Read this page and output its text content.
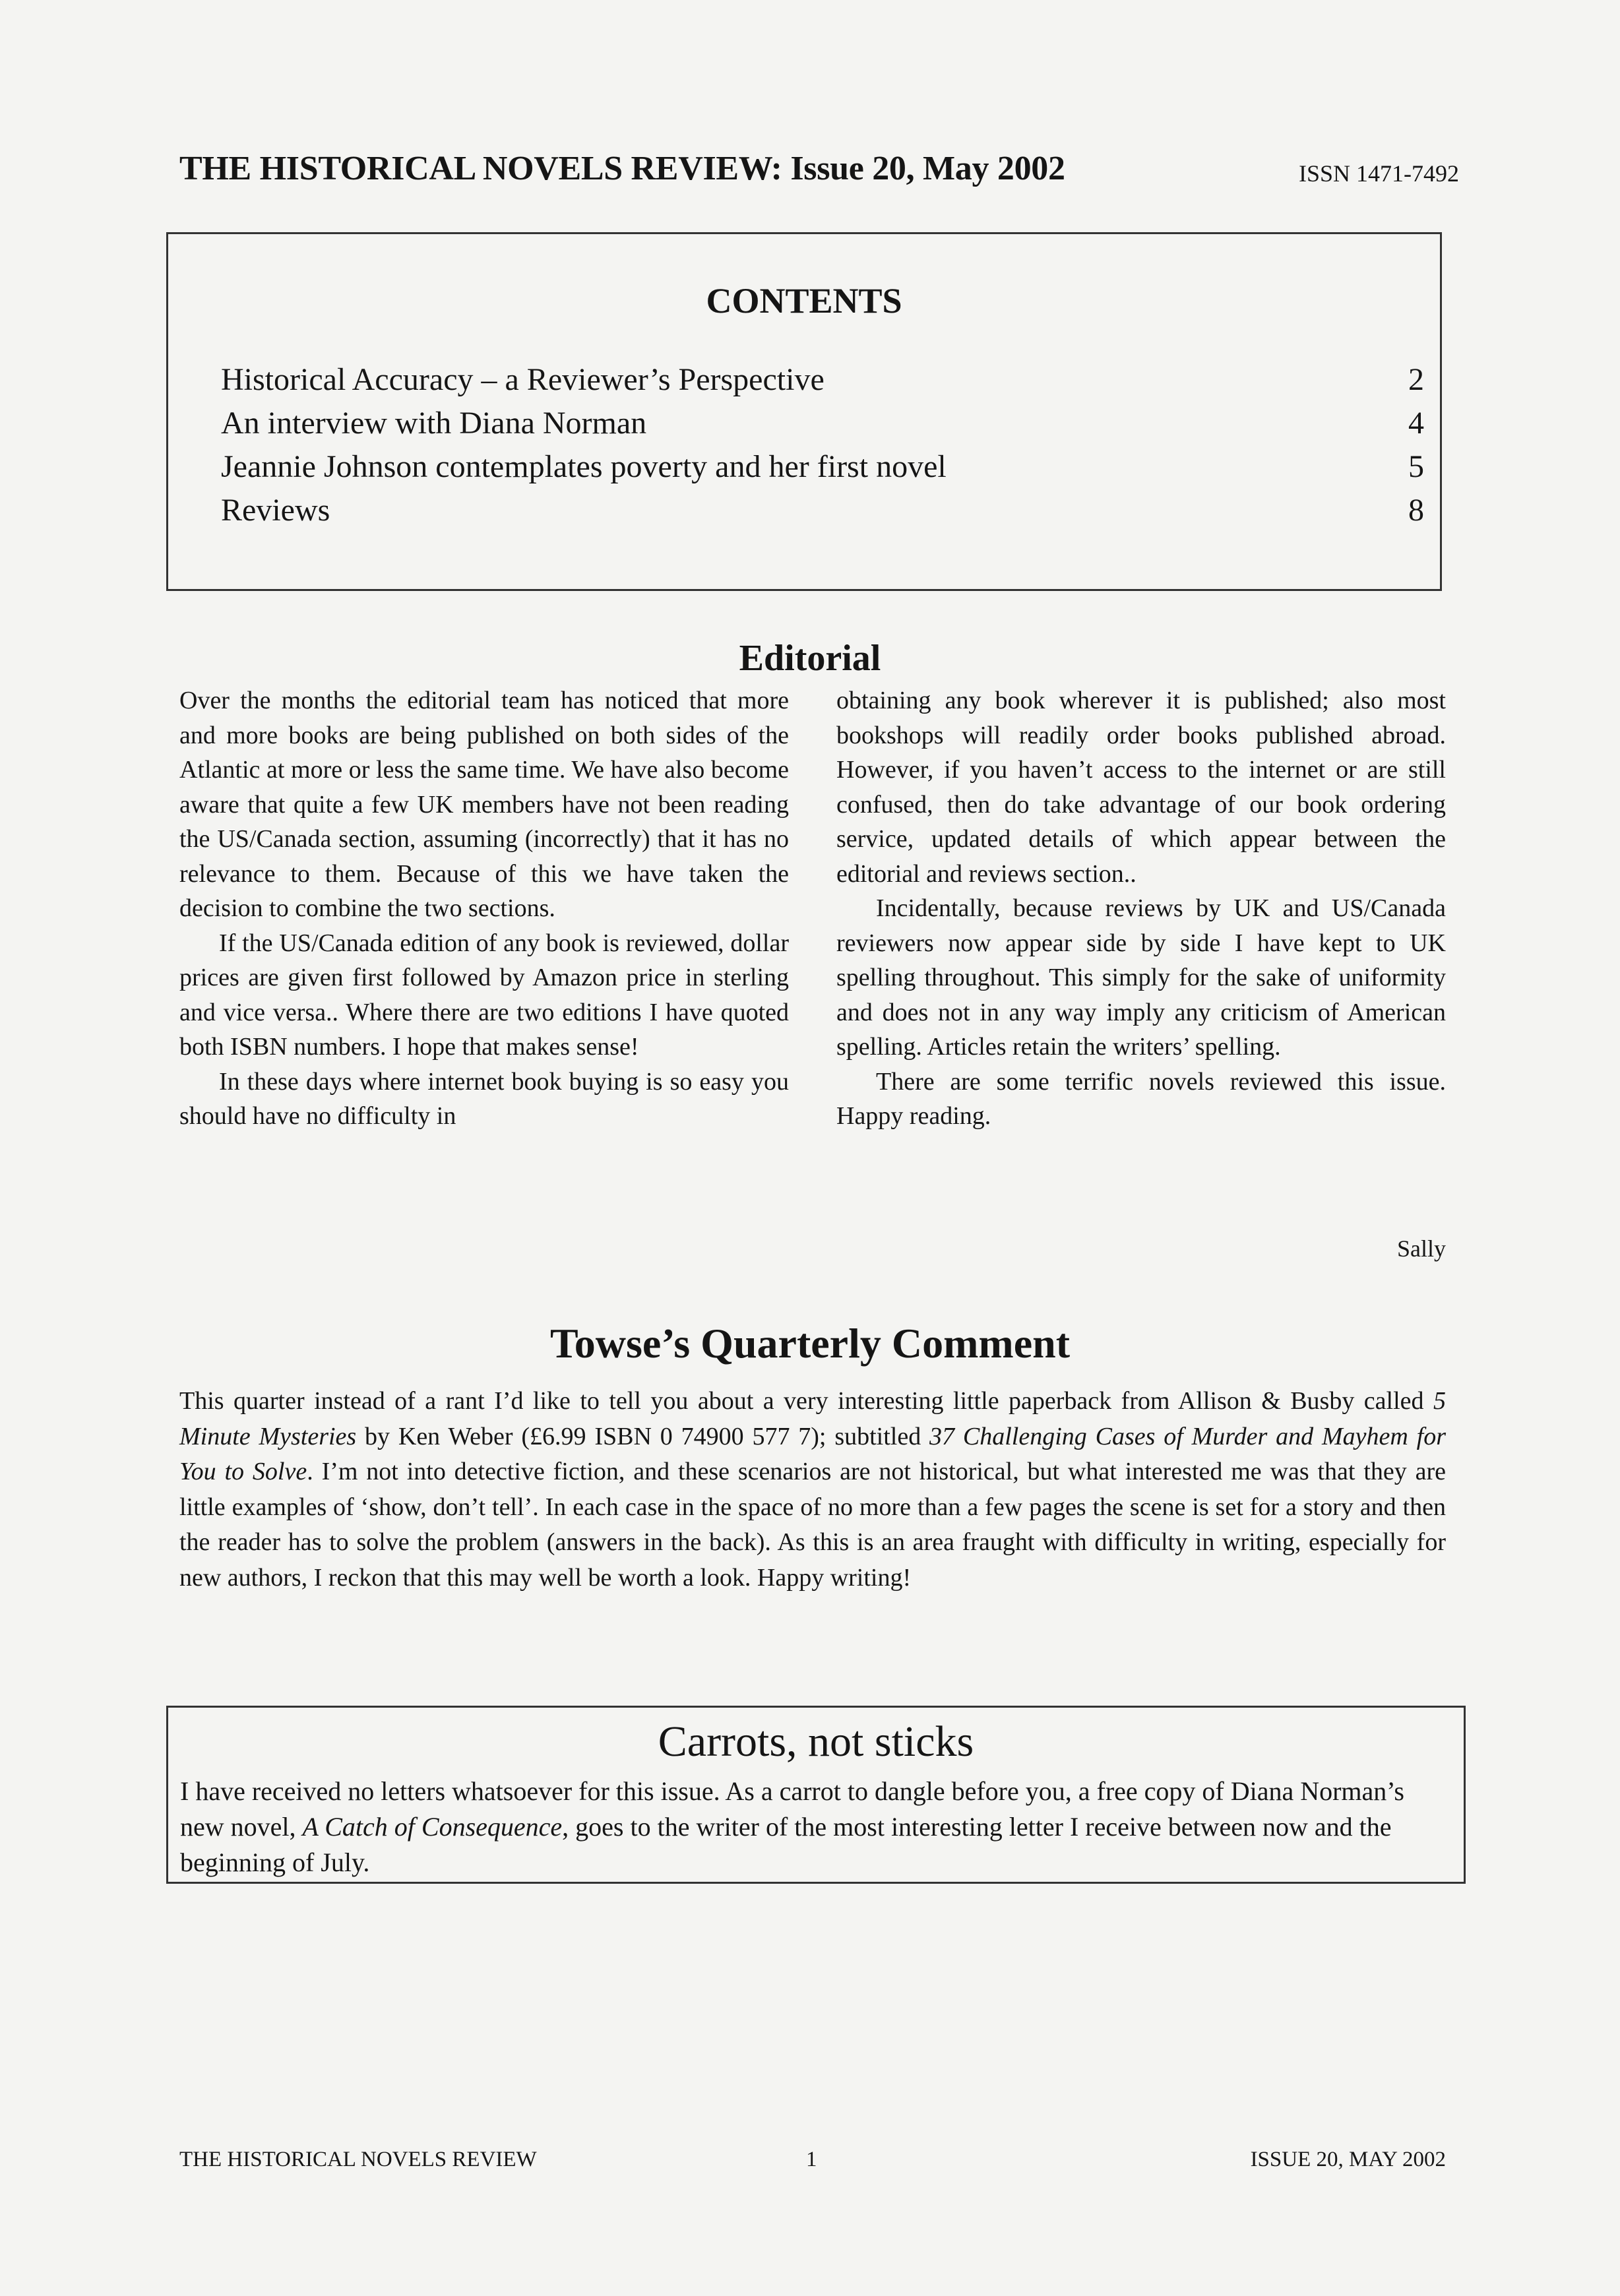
THE HISTORICAL NOVELS REVIEW: Issue 20, May 2002	ISSN 1471-7492
CONTENTS
Historical Accuracy – a Reviewer’s Perspective	2
An interview with Diana Norman	4
Jeannie Johnson contemplates poverty and her first novel	5
Reviews	8
Editorial

Over the months the editorial team has noticed that more and more books are being published on both sides of the Atlantic at more or less the same time. We have also become aware that quite a few UK members have not been reading the US/Canada section, assuming (incorrectly) that it has no relevance to them. Because of this we have taken the decision to combine the two sections.

If the US/Canada edition of any book is reviewed, dollar prices are given first followed by Amazon price in sterling and vice versa.. Where there are two editions I have quoted both ISBN numbers. I hope that makes sense!

In these days where internet book buying is so easy you should have no difficulty in

obtaining any book wherever it is published; also most bookshops will readily order books published abroad. However, if you haven’t access to the internet or are still confused, then do take advantage of our book ordering service, updated details of which appear between the editorial and reviews section..

Incidentally, because reviews by UK and US/Canada reviewers now appear side by side I have kept to UK spelling throughout. This simply for the sake of uniformity and does not in any way imply any criticism of American spelling. Articles retain the writers’ spelling.

There are some terrific novels reviewed this issue. Happy reading.

Sally
Towse’s Quarterly Comment

This quarter instead of a rant I’d like to tell you about a very interesting little paperback from Allison & Busby called 5 Minute Mysteries by Ken Weber (£6.99 ISBN 0 74900 577 7); subtitled 37 Challenging Cases of Murder and Mayhem for You to Solve. I’m not into detective fiction, and these scenarios are not historical, but what interested me was that they are little examples of ‘show, don’t tell’. In each case in the space of no more than a few pages the scene is set for a story and then the reader has to solve the problem (answers in the back). As this is an area fraught with difficulty in writing, especially for new authors, I reckon that this may well be worth a look. Happy writing!

Carrots, not sticks

I have received no letters whatsoever for this issue. As a carrot to dangle before you, a free copy of Diana Norman’s new novel, A Catch of Consequence, goes to the writer of the most interesting letter I receive between now and the beginning of July.

THE HISTORICAL NOVELS REVIEW	1	ISSUE 20, MAY 2002
